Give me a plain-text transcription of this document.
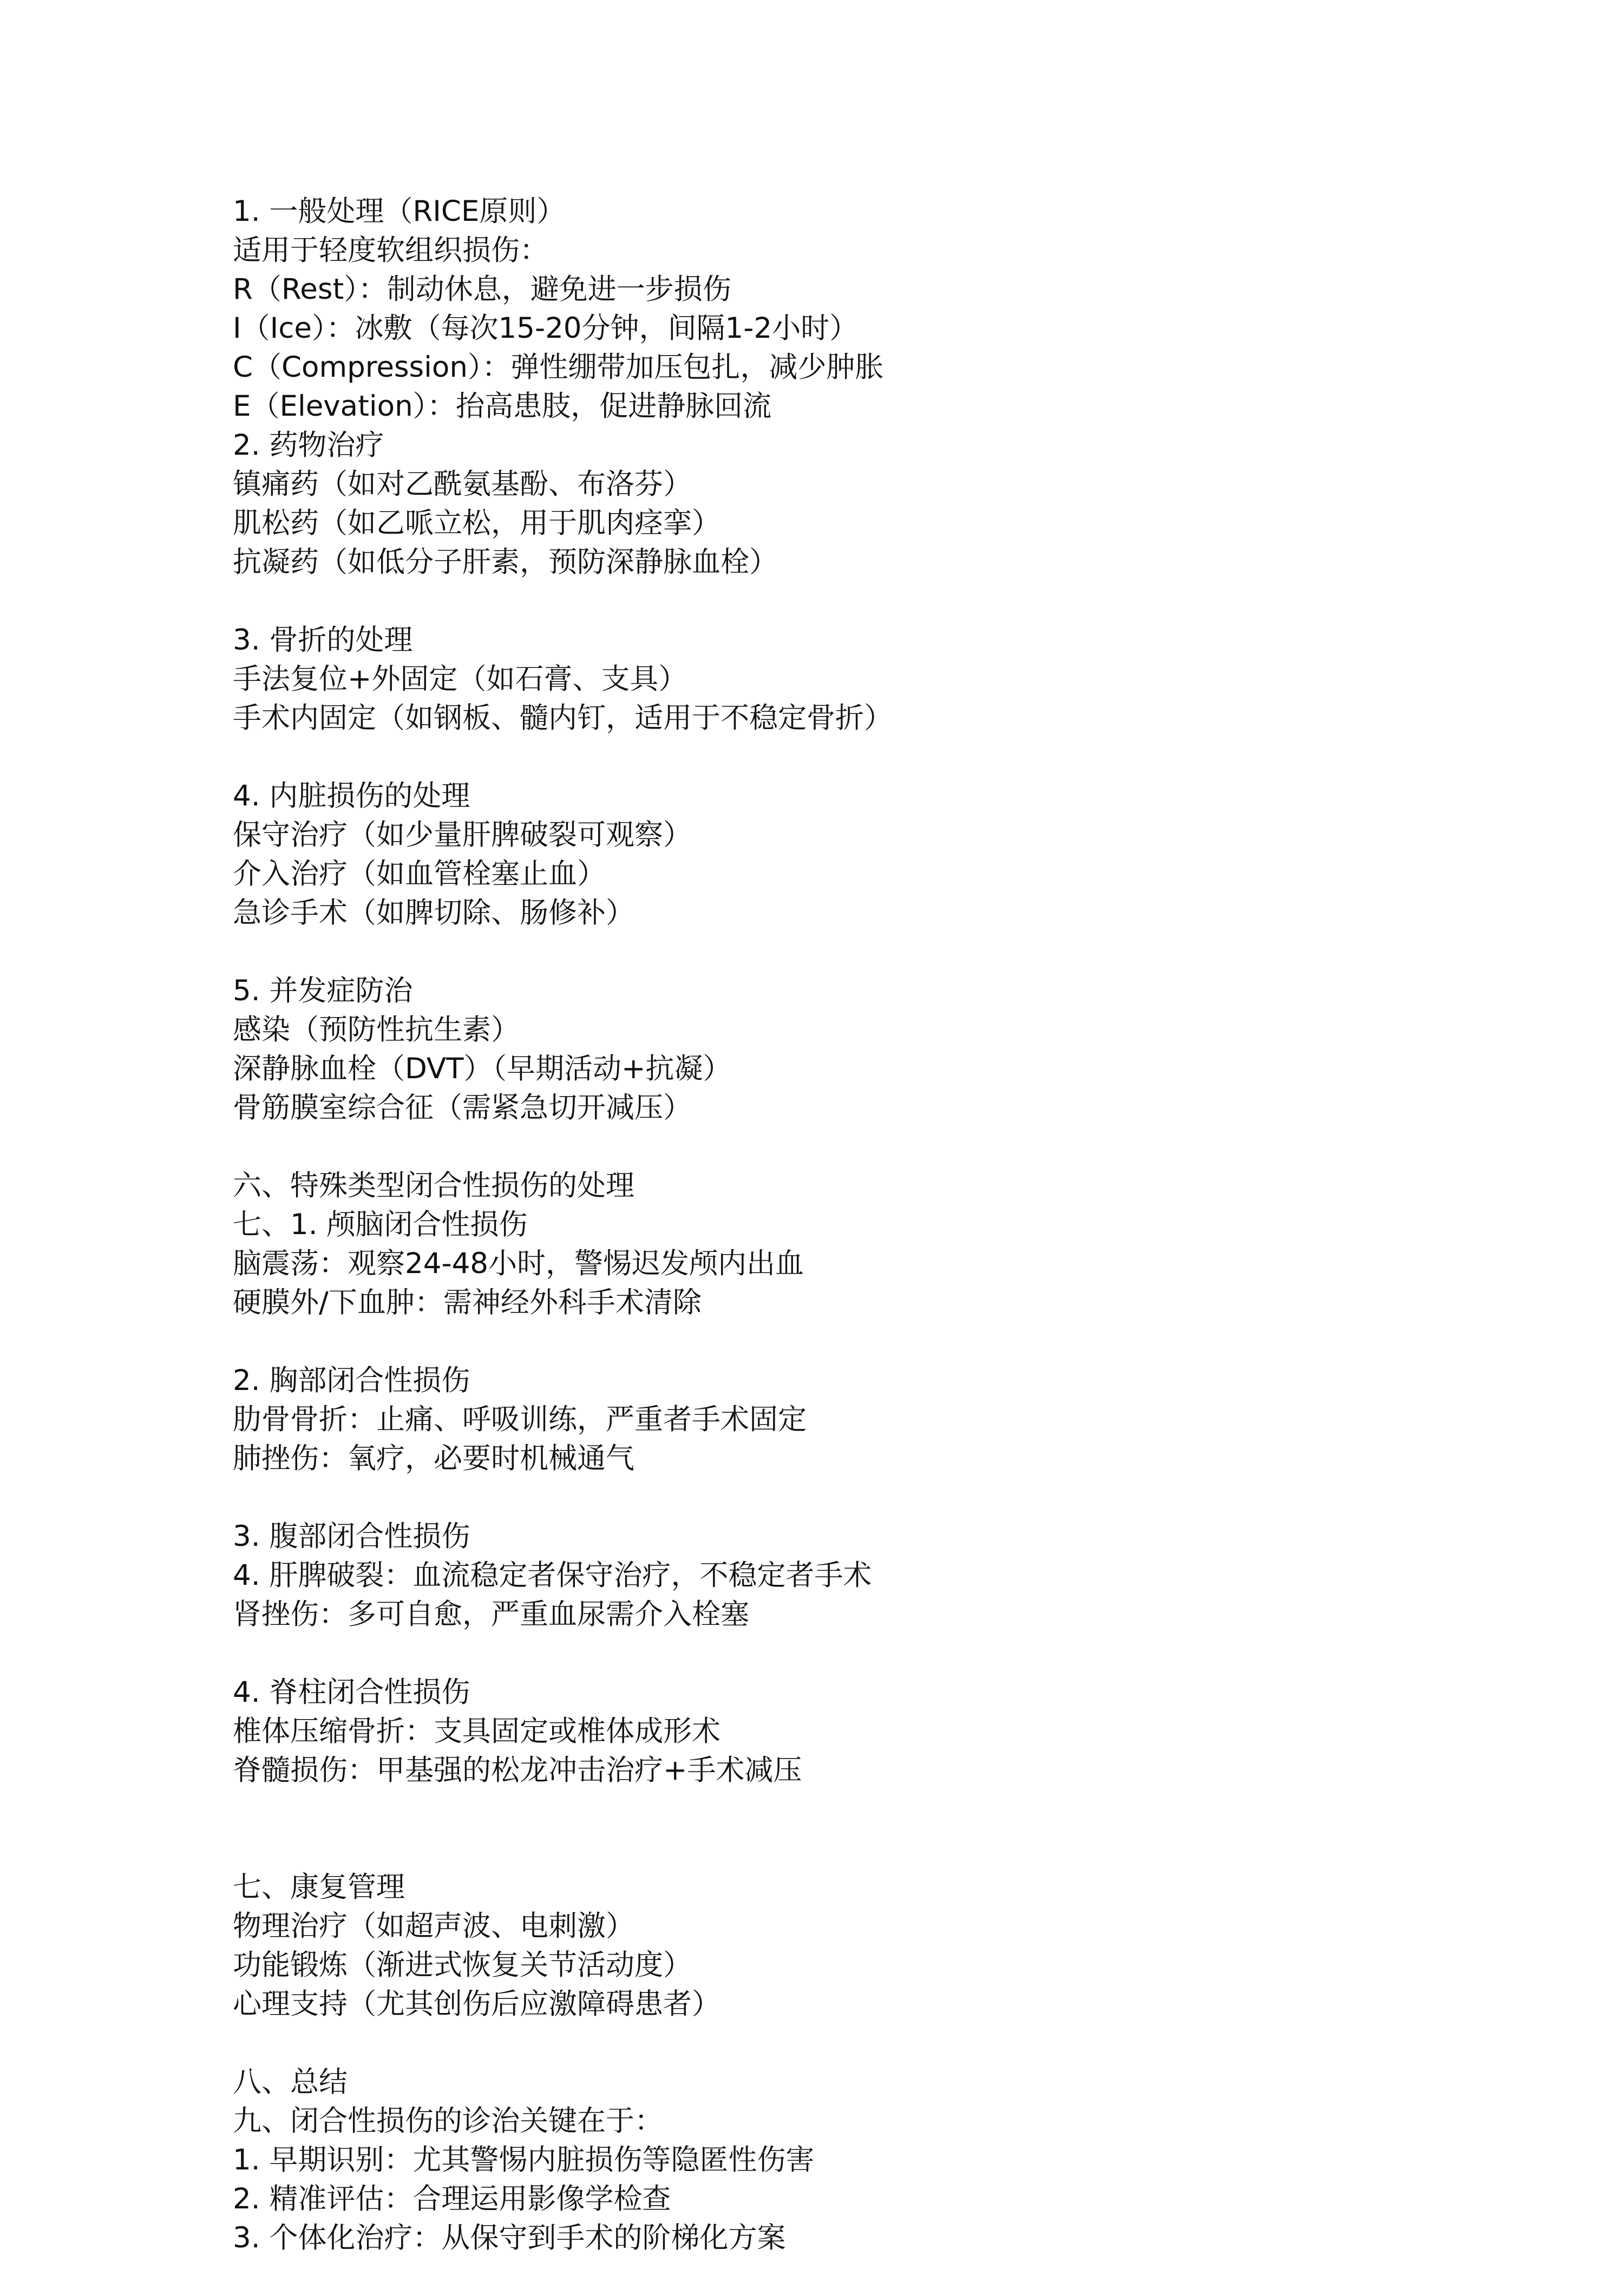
1. 一般处理（RICE原则）
适用于轻度软组织损伤：
R（Rest）：制动休息，避免进一步损伤
I（Ice）：冰敷（每次15-20分钟，间隔1-2小时）
C（Compression）：弹性绷带加压包扎，减少肿胀
E（Elevation）：抬高患肢，促进静脉回流
2. 药物治疗
镇痛药（如对乙酰氨基酚、布洛芬）
肌松药（如乙哌立松，用于肌肉痉挛）
抗凝药（如低分子肝素，预防深静脉血栓）
3. 骨折的处理
手法复位+外固定（如石膏、支具）
手术内固定（如钢板、髓内钉，适用于不稳定骨折）
4. 内脏损伤的处理
保守治疗（如少量肝脾破裂可观察）
介入治疗（如血管栓塞止血）
急诊手术（如脾切除、肠修补）
5. 并发症防治
感染（预防性抗生素）
深静脉血栓（DVT）（早期活动+抗凝）
骨筋膜室综合征（需紧急切开减压）
六、特殊类型闭合性损伤的处理
七、1. 颅脑闭合性损伤
脑震荡：观察24-48小时，警惕迟发颅内出血
硬膜外/下血肿：需神经外科手术清除
2. 胸部闭合性损伤
肋骨骨折：止痛、呼吸训练，严重者手术固定
肺挫伤：氧疗，必要时机械通气
3. 腹部闭合性损伤
4. 肝脾破裂：血流稳定者保守治疗，不稳定者手术
肾挫伤：多可自愈，严重血尿需介入栓塞
4. 脊柱闭合性损伤
椎体压缩骨折：支具固定或椎体成形术
脊髓损伤：甲基强的松龙冲击治疗+手术减压
七、康复管理
物理治疗（如超声波、电刺激）
功能锻炼（渐进式恢复关节活动度）
心理支持（尤其创伤后应激障碍患者）
八、总结
九、闭合性损伤的诊治关键在于：
1. 早期识别：尤其警惕内脏损伤等隐匿性伤害
2. 精准评估：合理运用影像学检查
3. 个体化治疗：从保守到手术的阶梯化方案
